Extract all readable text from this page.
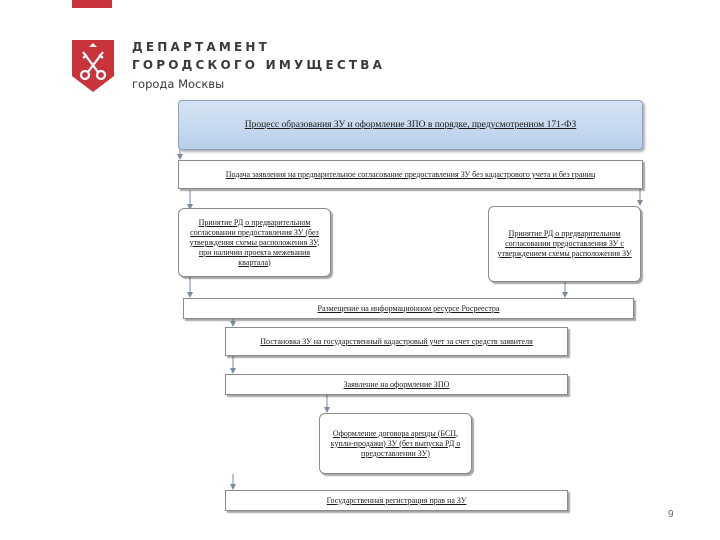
ДЕПАРТАМЕНТ
ГОРОДСКОГО ИМУЩЕСТВА
города Москвы
Процесс образования ЗУ и оформление ЗПО в порядке, предусмотренном 171-ФЗ
Подача заявления на предварительное согласование предоставления ЗУ без кадастрового учета и без границ
Принятие РД о предварительном согласовании предоставления ЗУ (без утверждения схемы расположения ЗУ, при наличии проекта межевания квартала)
Принятие РД о предварительном согласовании предоставления ЗУ с утверждением схемы расположения ЗУ
Размещение на информационном ресурсе Росреестра
Постановка ЗУ на государственный кадастровый учет за счет средств заявителя
Заявление на оформление ЗПО
Оформление договора аренды (БСП, купли-продажи) ЗУ (без выпуска РД о предоставлении ЗУ)
Государственная регистрация прав на ЗУ
9
